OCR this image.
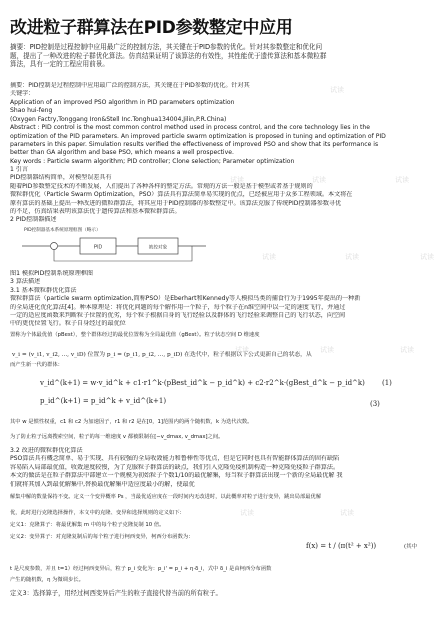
改进粒子群算法在PID参数整定中应用
摘要：PID控制是过程控制中应用最广泛的控制方法，其关键在于PID参数的优化。针对其参数整定和优化问
题，提出了一种改进的粒子群优化算法。仿真结果证明了该算法的有效性，其性能优于遗传算法和基本微粒群
算法，具有一定的工程应用前景。
摘要：PID控制是过程控制中应用最广泛的控制方法，其关键在于PID参数的优化。针对其
关键字：
Application of an improved PSO algorithm in PID parameters optimization
Shao hui-feng
(Oxygen Factry,Tonggang Iron&Stell Inc.Tonghua134004,Jilin,P.R.China)
Abstract : PID control is the most common control method used in process control, and the core technology lies in the
optimization of the PID parameters. An improved particle swarm optimization is proposed in tuning and optimization of PID
parameters in this paper. Simulation results verified the effectiveness of improved PSO and show that its performance is
better than GA algorithm and base PSO, which means a well prospective.
Key words : Particle swarm algorithm; PID controller; Clone selection; Parameter optimization
1 引言
PID控制器结构简单，对模型误差具有
随着PID参数整定技术的不断发展，人们提出了各种各样的整定方法。常规的方法一般是基于模型或者基于规则的
微粒群优化（Particle Swarm Optimization，PSO）算法具有算法简单易实现的优点，已经被应用于众多工程领域。本文将在
原有算法的基础上提出一种改进的微粒群算法，将其应用于PID控制器的参数整定中。该算法克服了传统PID控制器参数寻优
的不足，仿真结果表明该算法优于遗传算法和基本微粒群算法。
2 PID控制器描述
PID控制器基本系统原理框图（略示）
PID	被控对象
图1 模拟PID控制系统原理框图
3 算法描述
3.1 基本微粒群优化算法
微粒群算法（particle swarm optimization,简称PSO）是Eberhart和Kennedy等人模拟鸟类的捕食行为于1995年提出的一种新
的全局进化优化算法[4]。种本原理是：将优化问题的每个解作用一个粒子，每个粒子在n维空间中以一定的速度飞行，并通过
一定的适应度函数来判断粒子位置的优劣，每个粒子根据自身的飞行经验以及群体的飞行经验来调整自己的飞行状态，向空间
中的更优位置飞行。粒子自身经过的最优位
置称为个体最优值（pBest），整个群体经过的最优位置称为全局最优值（gBest）。粒子状态空间 D 维速度
v_i = (v_i1, v_i2, ..., v_iD) 位置为 p_i = (p_i1, p_i2, ..., p_iD) 在迭代中，粒子根据以下公式更新自己的状态，从
而产生新一代的群体：
v_id^(k+1) = w·v_id^k + c1·r1^k·(pBest_id^k − p_id^k) + c2·r2^k·(gBest_d^k − p_id^k) (1)
p_id^(k+1) = p_id^k + v_id^(k+1)	(3)
其中 w 是惯性权重，c1 和 c2 为加速因子，r1 和 r2 是在[0，1]范围内的两个随机数，k 为迭代次数。
为了防止粒子远离搜索空间，粒子的每一维速度 v 都被限制在[−v_dmax, v_dmax]之间。
3.2 改进的微粒群优化算法
PSO算法具有概念简单、易于实现、具有较强的全局收敛能力和鲁棒性等优点，但是它同时也具有智能群体算法的固有缺陷
容易陷入局部最优值，收敛速度较慢，为了克服粒子群算法的缺点，我们引入克隆免疫机制构造一种克隆免疫粒子群算法。
本文的做法是在粒子群算法中部建立一个规模为初始粒子个数1/10的最优解集，每当粒子群算法出现一个新的全局最优解 我
们就将其加入到最优解集中,替换最优解集中适应度最小的解，使最优
解集中解的数量保持不变。定义一个变异概率 Ps ，当最优适应度在一段时间内无改进时，以此概率对粒子进行变异，跳出局部最优解
优，此时进行克隆选择操作，本文中的克隆、变异和选择规则的定义如下：
定义1：克隆算子：将最优解集 m 中的每个粒子克隆复制 10 倍。
定义2：变异算子：对克隆复制后的每个粒子进行柯西变异，柯西分布函数为：
f(x) = t / (π(t² + x²))	(其中
t 是尺度参数，并且 t=1）经过柯西变异后，粒子 p_i 变化为：p_i' = p_i + η·δ_i，式中 δ_i 是由柯西分布函数
产生的随机数，η 为微调步长。
定义3：选择算子，用经过柯西变异后产生的粒子直接代替当前的所有粒子。
试读
试读	试读	试读
试读	试读	试读
试读	试读	试读
试读	试读
